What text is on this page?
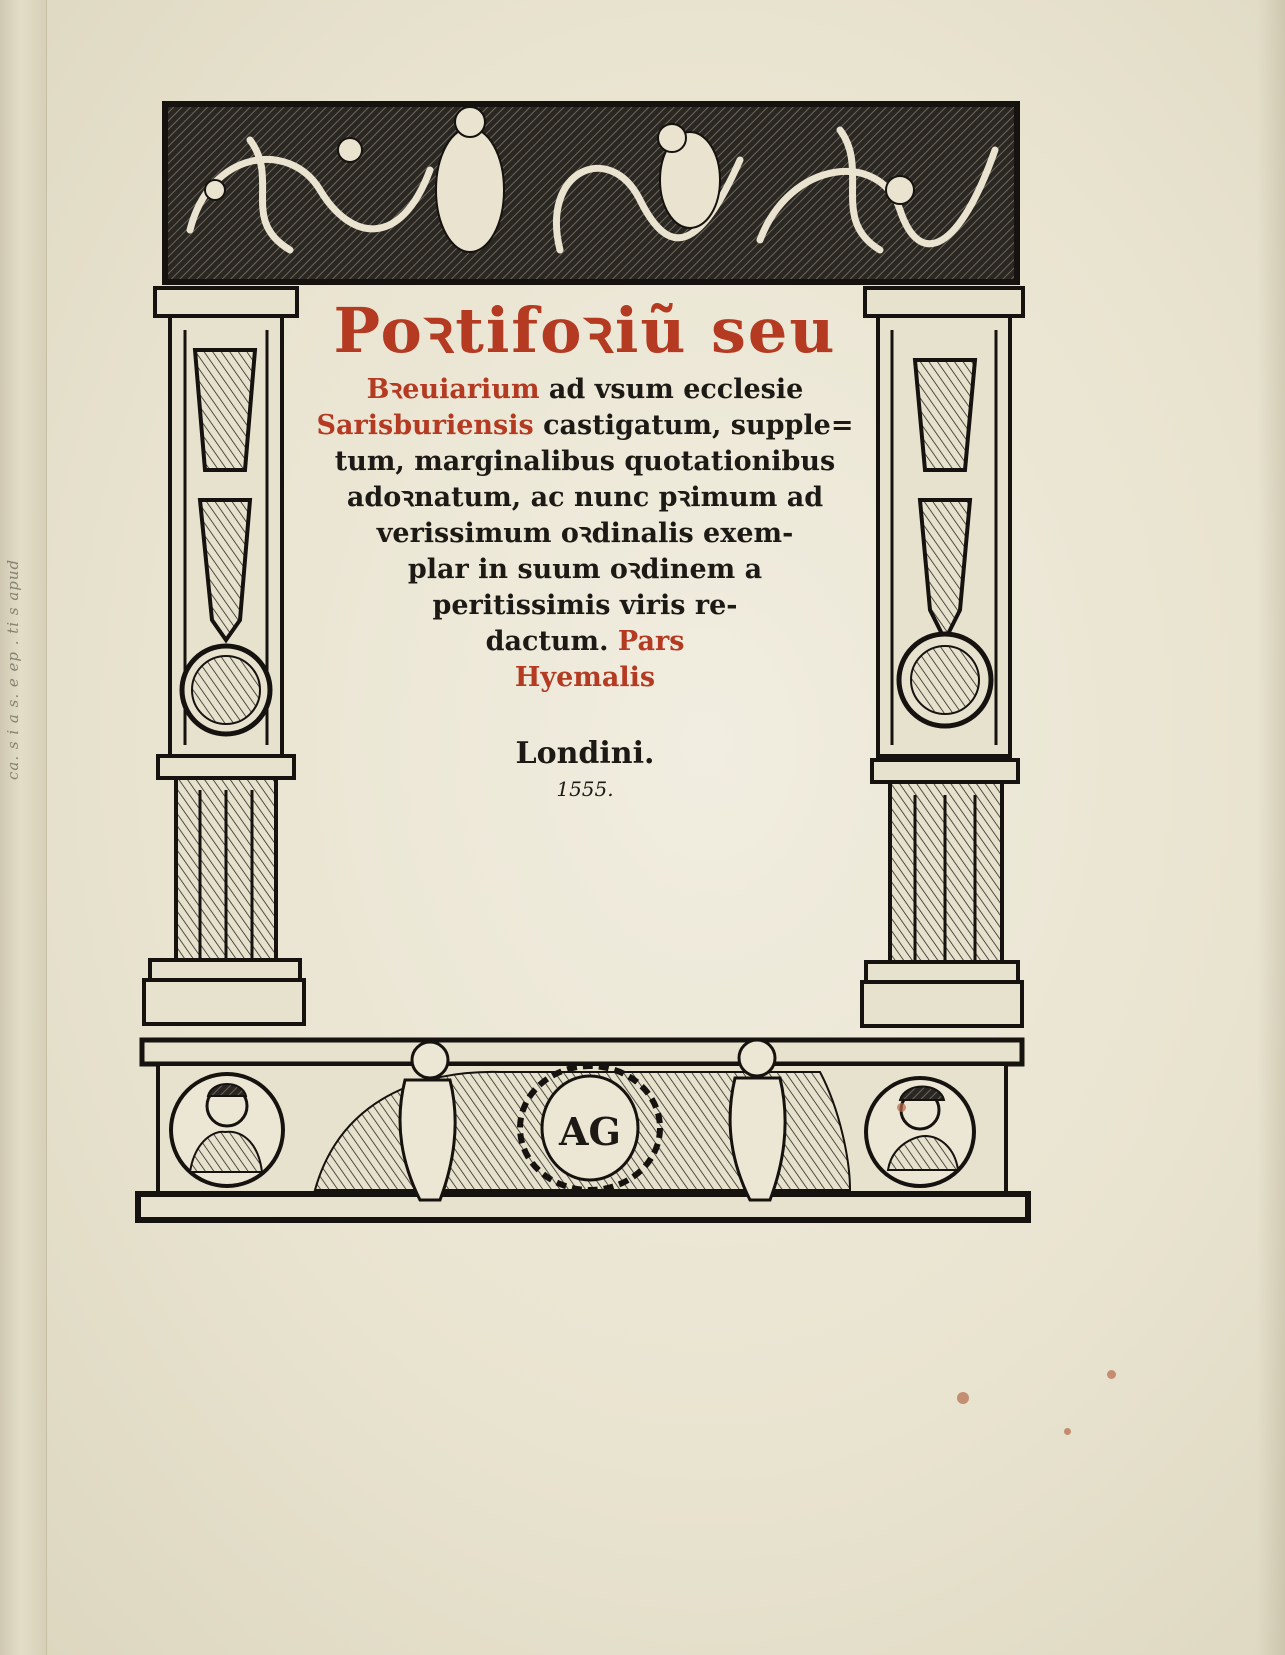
ca. s i a s. e ep . ti s apud
AG
Poꝛtifoꝛiũ seu
Bꝛeuiarium ad vsum ecclesie
Sarisburiensis castigatum, supple=
tum, marginalibus quotationibus
adoꝛnatum, ac nunc pꝛimum ad
verissimum oꝛdinalis exem-
plar in suum oꝛdinem a
peritissimis viris re-
dactum. Pars
Hyemalis
Londini.
1555.
